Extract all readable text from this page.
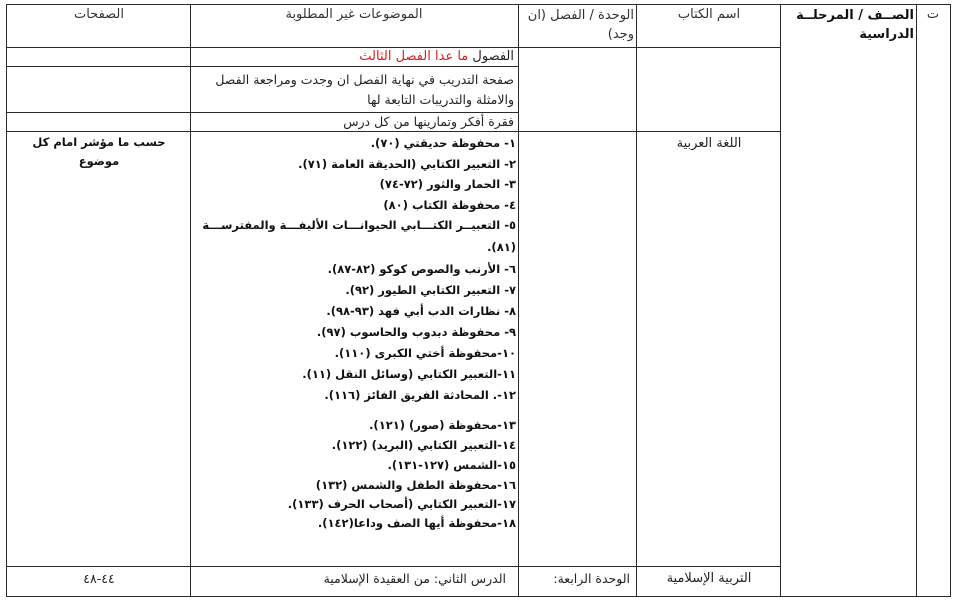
ت
الصــف / المرحلــة الدراسية
اسم الكتاب
الوحدة / الفصل (ان وجد)
الموضوعات غير المطلوبة
الصفحات
الفصول ما عدا الفصل الثالث
صفحة التدريب في نهاية الفصل ان وجدت ومراجعة الفصل والامثلة والتدريبات التابعة لها
فقرة أفكر وتمارينها من كل درس
اللغة العربية
حسب ما مؤشر امام كل موضوع
١- محفوظة حديقتي (٧٠).
٢- التعبير الكتابي (الحديقة العامة (٧١).
٣- الحمار والثور (٧٢-٧٤)
٤- محفوظة الكتاب (٨٠)
٥- التعبيــر الكتـــابي الحيوانـــات الأليفـــة والمفترســـة
(٨١).
٦- الأرنب والصوص كوكو (٨٢-٨٧).
٧- التعبير الكتابي الطيور (٩٢).
٨- نظارات الدب أبي فهد (٩٣-٩٨).
٩- محفوظة دبدوب والحاسوب (٩٧).
١٠-محفوظة أختي الكبرى (١١٠).
١١-التعبير الكتابي (وسائل النقل (١١).
١٢-. المحادثة الفريق الفائز (١١٦).
١٣-محفوظة (صور) (١٢١).
١٤-التعبير الكتابي (البريد) (١٢٢).
١٥-الشمس (١٢٧-١٣١).
١٦-محفوظة الطفل والشمس (١٣٢)
١٧-التعبير الكتابي (أصحاب الحرف (١٣٣).
١٨-محفوظة أيها الصف وداعا(١٤٢).
التربية الإسلامية
الوحدة الرابعة:
الدرس الثاني: من العقيدة الإسلامية
٤٤-٤٨
